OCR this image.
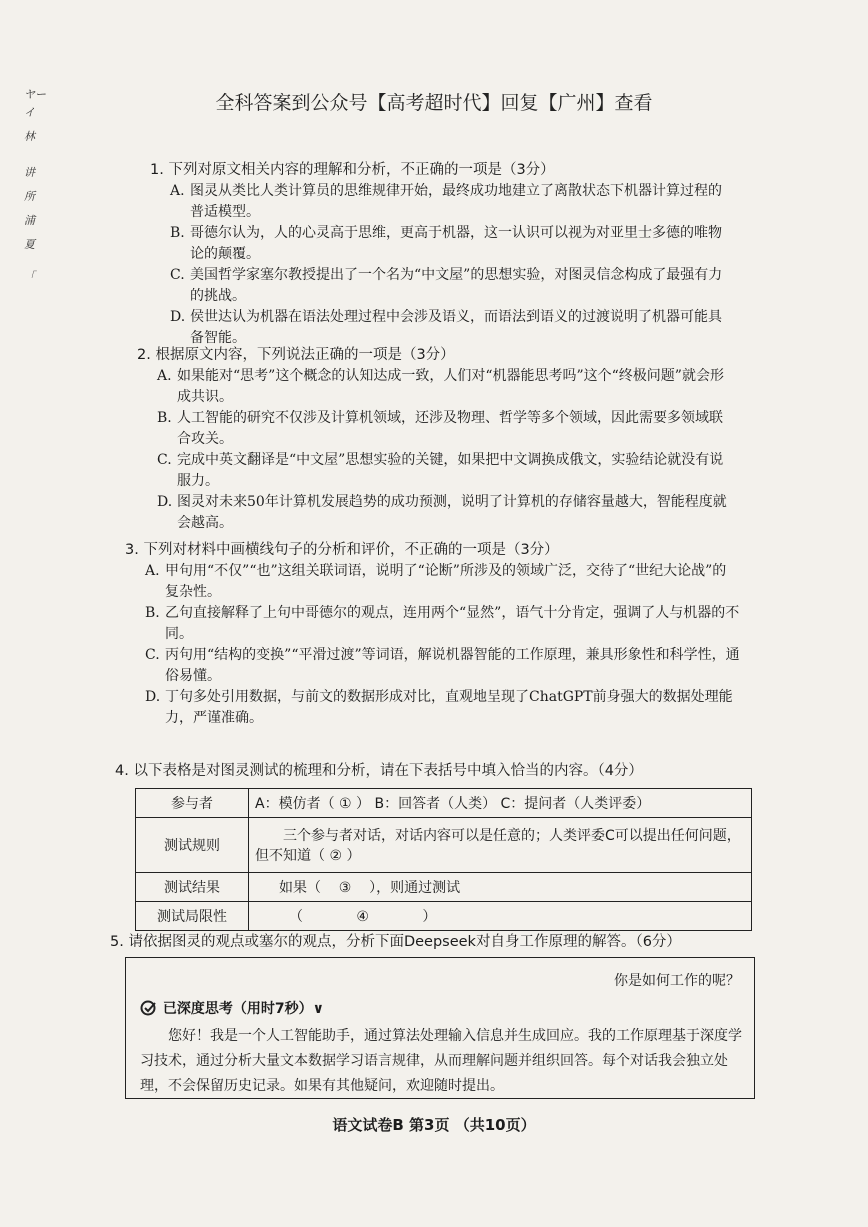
全科答案到公众号【高考超时代】回复【广州】查看
ヤーイ
林
讲
所
浦
夏
「
1. 下列对原文相关内容的理解和分析，不正确的一项是（3分）
A. 图灵从类比人类计算员的思维规律开始，最终成功地建立了离散状态下机器计算过程的普适模型。
B. 哥德尔认为，人的心灵高于思维，更高于机器，这一认识可以视为对亚里士多德的唯物论的颠覆。
C. 美国哲学家塞尔教授提出了一个名为“中文屋”的思想实验，对图灵信念构成了最强有力的挑战。
D. 侯世达认为机器在语法处理过程中会涉及语义，而语法到语义的过渡说明了机器可能具备智能。
2. 根据原文内容，下列说法正确的一项是（3分）
A. 如果能对“思考”这个概念的认知达成一致，人们对“机器能思考吗”这个“终极问题”就会形成共识。
B. 人工智能的研究不仅涉及计算机领域，还涉及物理、哲学等多个领域，因此需要多领域联合攻关。
C. 完成中英文翻译是“中文屋”思想实验的关键，如果把中文调换成俄文，实验结论就没有说服力。
D. 图灵对未来50年计算机发展趋势的成功预测，说明了计算机的存储容量越大，智能程度就会越高。
3. 下列对材料中画横线句子的分析和评价，不正确的一项是（3分）
A. 甲句用“不仅”“也”这组关联词语，说明了“论断”所涉及的领域广泛，交待了“世纪大论战”的复杂性。
B. 乙句直接解释了上句中哥德尔的观点，连用两个“显然”，语气十分肯定，强调了人与机器的不同。
C. 丙句用“结构的变换”“平滑过渡”等词语，解说机器智能的工作原理，兼具形象性和科学性，通俗易懂。
D. 丁句多处引用数据，与前文的数据形成对比，直观地呈现了ChatGPT前身强大的数据处理能力，严谨准确。
4. 以下表格是对图灵测试的梳理和分析，请在下表括号中填入恰当的内容。（4分）
参与者	A：模仿者（ ① ） B：回答者（人类） C：提问者（人类评委）
测试规则	三个参与者对话，对话内容可以是任意的；人类评委C可以提出任何问题，但不知道（ ② ）
测试结果	如果（    ③    ），则通过测试
测试局限性	（            ④            ）
5. 请依据图灵的观点或塞尔的观点，分析下面Deepseek对自身工作原理的解答。（6分）
你是如何工作的呢？
已深度思考（用时7秒）∨
您好！我是一个人工智能助手，通过算法处理输入信息并生成回应。我的工作原理基于深度学习技术，通过分析大量文本数据学习语言规律，从而理解问题并组织回答。每个对话我会独立处理，不会保留历史记录。如果有其他疑问，欢迎随时提出。
语文试卷B 第3页 （共10页）
